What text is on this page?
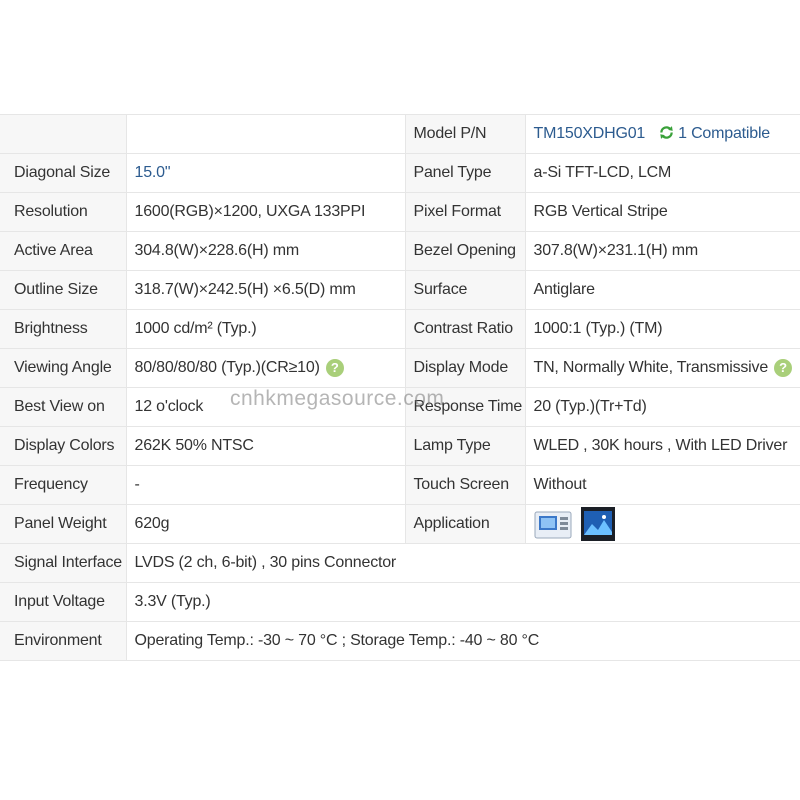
		Model P/N	TM150XDHG01 1 Compatible
Diagonal Size	15.0"	Panel Type	a-Si TFT-LCD, LCM
Resolution	1600(RGB)×1200, UXGA 133PPI	Pixel Format	RGB Vertical Stripe
Active Area	304.8(W)×228.6(H) mm	Bezel Opening	307.8(W)×231.1(H) mm
Outline Size	318.7(W)×242.5(H) ×6.5(D) mm	Surface	Antiglare
Brightness	1000 cd/m² (Typ.)	Contrast Ratio	1000:1 (Typ.) (TM)
Viewing Angle	80/80/80/80 (Typ.)(CR≥10) ?	Display Mode	TN, Normally White, Transmissive ?
Best View on	12 o'clock	Response Time	20 (Typ.)(Tr+Td)
Display Colors	262K 50% NTSC	Lamp Type	WLED , 30K hours , With LED Driver
Frequency	-	Touch Screen	Without
Panel Weight	620g	Application	
Signal Interface	LVDS (2 ch, 6-bit) , 30 pins Connector		
Input Voltage	3.3V (Typ.)		
Environment	Operating Temp.: -30 ~ 70 °C ; Storage Temp.: -40 ~ 80 °C		
cnhkmegasource.com
